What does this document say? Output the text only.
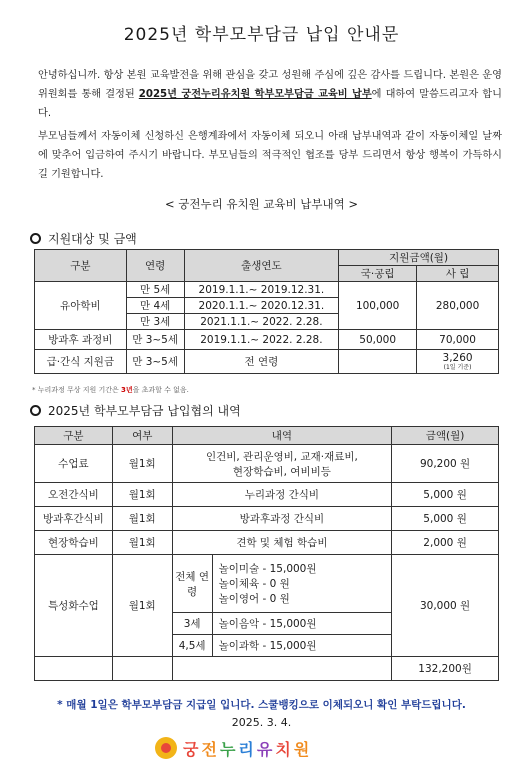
2025년 학부모부담금 납입 안내문
안녕하십니까. 항상 본원 교육발전을 위해 관심을 갖고 성원해 주심에 깊은 감사를 드립니다. 본원은 운영위원회를 통해 결정된 2025년 궁전누리유치원 학부모부담금 교육비 납부에 대하여 말씀드리고자 합니다.
부모님들께서 자동이체 신청하신 은행계좌에서 자동이체 되오니 아래 납부내역과 같이 자동이체일 날짜에 맞추어 입금하여 주시기 바랍니다. 부모님들의 적극적인 협조를 당부 드리면서 항상 행복이 가득하시길 기원합니다.
< 궁전누리 유치원 교육비 납부내역 >
지원대상 및 금액
구분	연령	출생연도	지원금액(월)	
			국·공립	사 립
유아학비	만 5세	2019.1.1.~ 2019.12.31.	100,000	280,000
	만 4세	2020.1.1.~ 2020.12.31.		
	만 3세	2021.1.1.~ 2022. 2.28.		
방과후 과정비	만 3~5세	2019.1.1.~ 2022. 2.28.	50,000	70,000
급·간식 지원금	만 3~5세	전 연령		3,260
(1일 기준)
* 누리과정 무상 지원 기간은 3년을 초과할 수 없음.
2025년 학부모부담금 납입협의 내역
구분	여부	내역		금액(월)
수업료	월1회	인건비, 관리운영비, 교재·재료비,
현장학습비, 여비비등		90,200 원
오전간식비	월1회	누리과정 간식비		5,000 원
방과후간식비	월1회	방과후과정 간식비		5,000 원
현장학습비	월1회	견학 및 체험 학습비		2,000 원
특성화수업	월1회	전체 연령	놀이미술 - 15,000원
놀이체육 - 0 원
놀이영어 - 0 원	30,000 원
		3세	놀이음악 - 15,000원	
		4,5세	놀이과학 - 15,000원	
				132,200원
* 매월 1일은 학부모부담금 지급일 입니다. 스쿨뱅킹으로 이체되오니 확인 부탁드립니다.
2025. 3. 4.
궁전누리유치원
